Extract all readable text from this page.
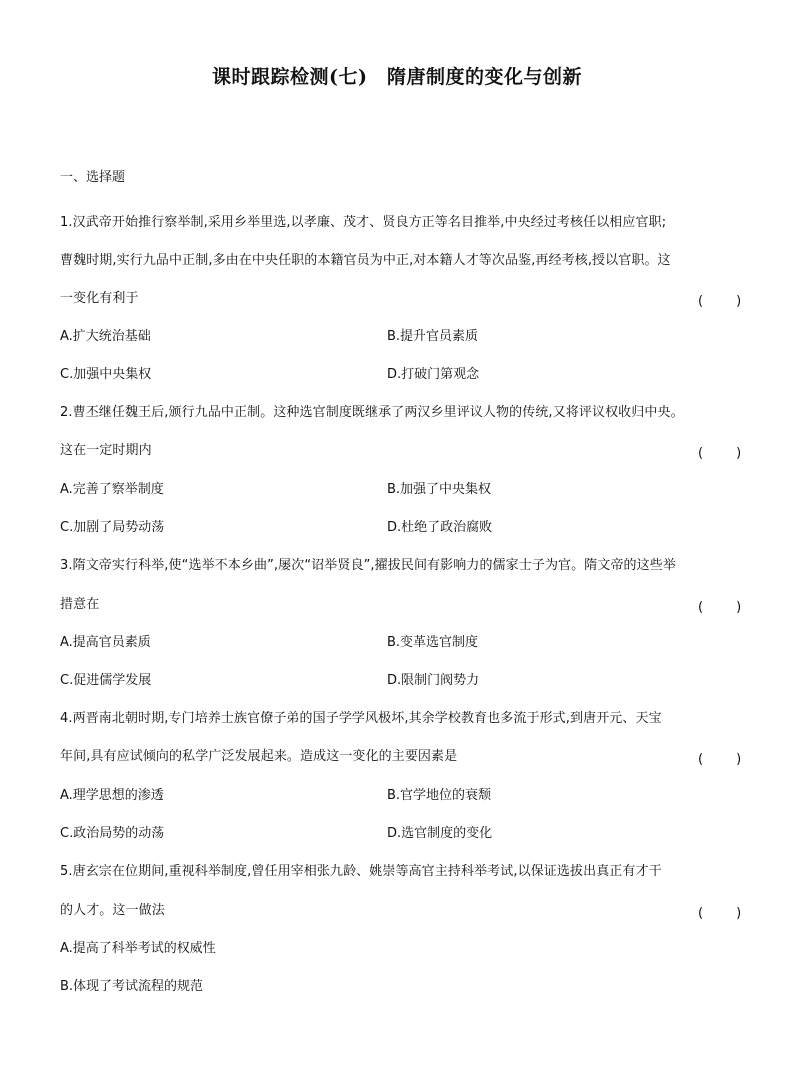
课时跟踪检测(七)　隋唐制度的变化与创新
一、选择题
1.汉武帝开始推行察举制,采用乡举里选,以孝廉、茂才、贤良方正等名目推举,中央经过考核任以相应官职;
曹魏时期,实行九品中正制,多由在中央任职的本籍官员为中正,对本籍人才等次品鉴,再经考核,授以官职。这
一变化有利于	(　)
A.扩大统治基础	B.提升官员素质
C.加强中央集权	D.打破门第观念
2.曹丕继任魏王后,颁行九品中正制。这种选官制度既继承了两汉乡里评议人物的传统,又将评议权收归中央。
这在一定时期内	(　)
A.完善了察举制度	B.加强了中央集权
C.加剧了局势动荡	D.杜绝了政治腐败
3.隋文帝实行科举,使“选举不本乡曲”,屡次“诏举贤良”,擢拔民间有影响力的儒家士子为官。隋文帝的这些举
措意在	(　)
A.提高官员素质	B.变革选官制度
C.促进儒学发展	D.限制门阀势力
4.两晋南北朝时期,专门培养士族官僚子弟的国子学学风极坏,其余学校教育也多流于形式,到唐开元、天宝
年间,具有应试倾向的私学广泛发展起来。造成这一变化的主要因素是	(　)
A.理学思想的渗透	B.官学地位的衰颓
C.政治局势的动荡	D.选官制度的变化
5.唐玄宗在位期间,重视科举制度,曾任用宰相张九龄、姚崇等高官主持科举考试,以保证选拔出真正有才干
的人才。这一做法	(　)
A.提高了科举考试的权威性
B.体现了考试流程的规范
